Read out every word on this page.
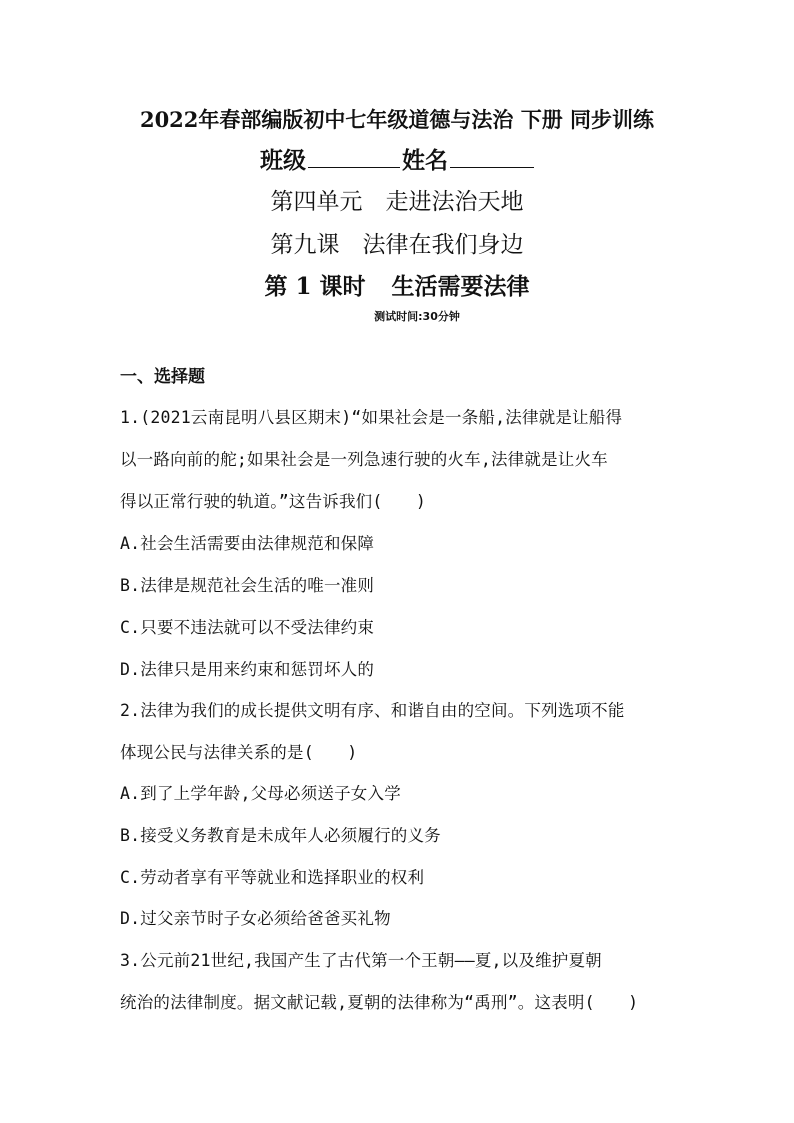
2022年春部编版初中七年级道德与法治 下册 同步训练
班级	姓名
第四单元　走进法治天地
第九课　法律在我们身边
第 1 课时 生活需要法律
测试时间:30分钟
一、选择题
1.(2021云南昆明八县区期末)“如果社会是一条船,法律就是让船得
以一路向前的舵;如果社会是一列急速行驶的火车,法律就是让火车
得以正常行驶的轨道。”这告诉我们(　　)
A.社会生活需要由法律规范和保障
B.法律是规范社会生活的唯一准则
C.只要不违法就可以不受法律约束
D.法律只是用来约束和惩罚坏人的
2.法律为我们的成长提供文明有序、和谐自由的空间。下列选项不能
体现公民与法律关系的是(　　)
A.到了上学年龄,父母必须送子女入学
B.接受义务教育是未成年人必须履行的义务
C.劳动者享有平等就业和选择职业的权利
D.过父亲节时子女必须给爸爸买礼物
3.公元前21世纪,我国产生了古代第一个王朝——夏,以及维护夏朝
统治的法律制度。据文献记载,夏朝的法律称为“禹刑”。这表明(　　)
